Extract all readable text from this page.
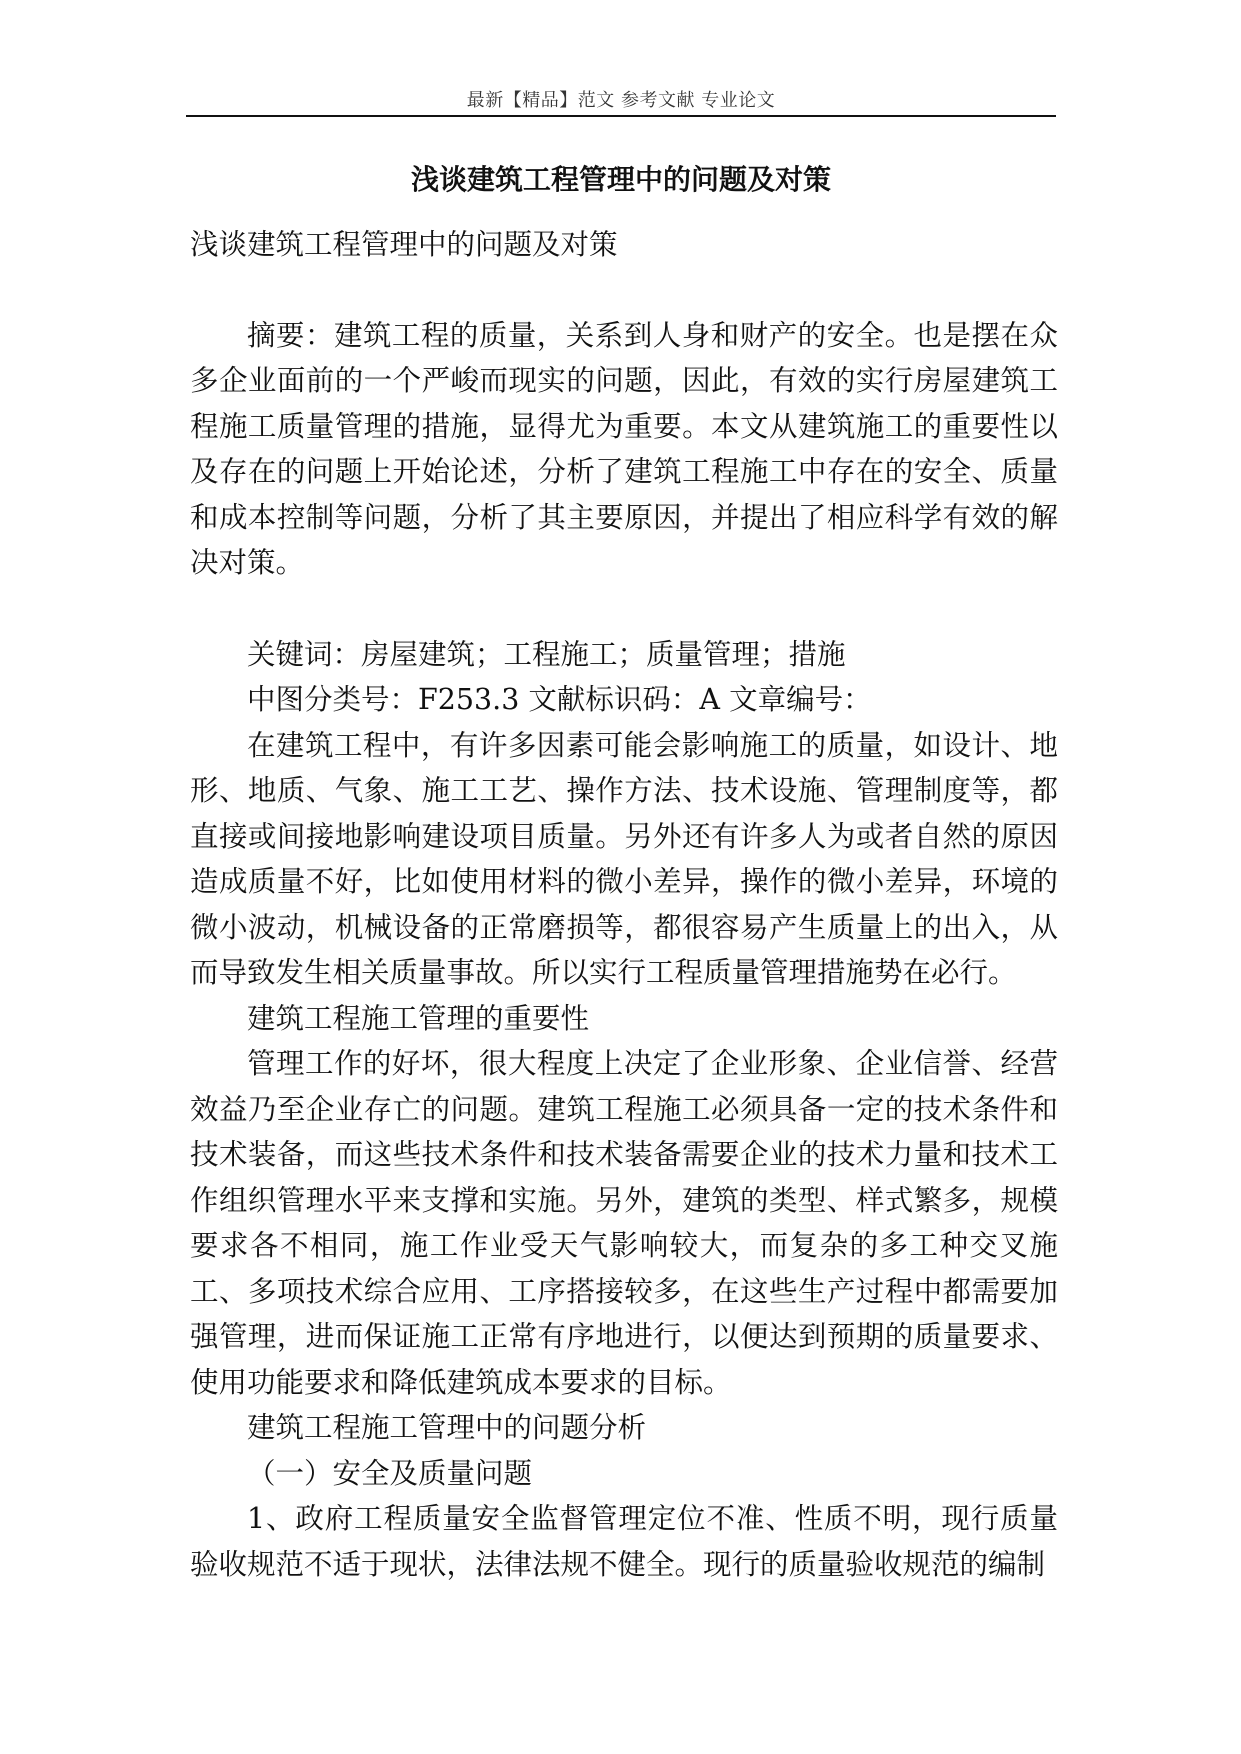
最新【精品】范文 参考文献 专业论文
浅谈建筑工程管理中的问题及对策

浅谈建筑工程管理中的问题及对策

摘要：建筑工程的质量，关系到人身和财产的安全。也是摆在众多企业面前的一个严峻而现实的问题，因此，有效的实行房屋建筑工程施工质量管理的措施，显得尤为重要。本文从建筑施工的重要性以及存在的问题上开始论述，分析了建筑工程施工中存在的安全、质量和成本控制等问题，分析了其主要原因，并提出了相应科学有效的解决对策。

关键词：房屋建筑；工程施工；质量管理；措施

中图分类号：F253.3 文献标识码：A 文章编号：

在建筑工程中，有许多因素可能会影响施工的质量，如设计、地形、地质、气象、施工工艺、操作方法、技术设施、管理制度等，都直接或间接地影响建设项目质量。另外还有许多人为或者自然的原因造成质量不好，比如使用材料的微小差异，操作的微小差异，环境的微小波动，机械设备的正常磨损等，都很容易产生质量上的出入，从而导致发生相关质量事故。所以实行工程质量管理措施势在必行。

建筑工程施工管理的重要性

管理工作的好坏，很大程度上决定了企业形象、企业信誉、经营效益乃至企业存亡的问题。建筑工程施工必须具备一定的技术条件和技术装备，而这些技术条件和技术装备需要企业的技术力量和技术工作组织管理水平来支撑和实施。另外，建筑的类型、样式繁多，规模要求各不相同，施工作业受天气影响较大，而复杂的多工种交叉施工、多项技术综合应用、工序搭接较多，在这些生产过程中都需要加强管理，进而保证施工正常有序地进行，以便达到预期的质量要求、使用功能要求和降低建筑成本要求的目标。

建筑工程施工管理中的问题分析

（一）安全及质量问题

1、政府工程质量安全监督管理定位不准、性质不明，现行质量验收规范不适于现状，法律法规不健全。现行的质量验收规范的编制
